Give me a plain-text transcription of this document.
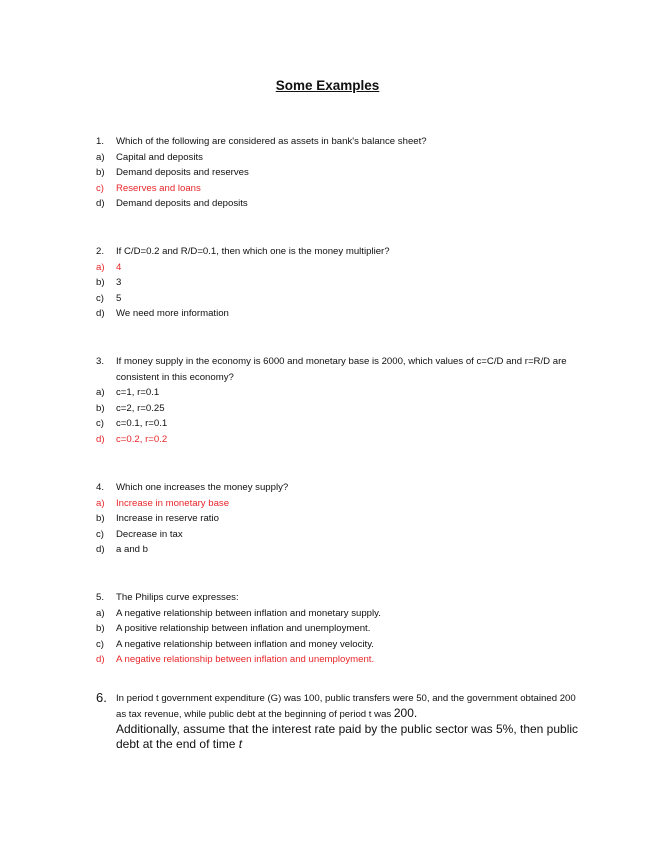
Some Examples
1. Which of the following are considered as assets in bank's balance sheet?
a) Capital and deposits
b) Demand deposits and reserves
c) Reserves and loans
d) Demand deposits and deposits
2. If C/D=0.2 and R/D=0.1, then which one is the money multiplier?
a) 4
b) 3
c) 5
d) We need more information
3. If money supply in the economy is 6000 and monetary base is 2000, which values of c=C/D and r=R/D are consistent in this economy?
a) c=1, r=0.1
b) c=2, r=0.25
c) c=0.1, r=0.1
d) c=0.2, r=0.2
4. Which one increases the money supply?
a) Increase in monetary base
b) Increase in reserve ratio
c) Decrease in tax
d) a and b
5. The Philips curve expresses:
a) A negative relationship between inflation and monetary supply.
b) A positive relationship between inflation and unemployment.
c) A negative relationship between inflation and money velocity.
d) A negative relationship between inflation and unemployment.
6. In period t government expenditure (G) was 100, public transfers were 50, and the government obtained 200 as tax revenue, while public debt at the beginning of period t was 200.
Additionally, assume that the interest rate paid by the public sector was 5%, then public debt at the end of time t
